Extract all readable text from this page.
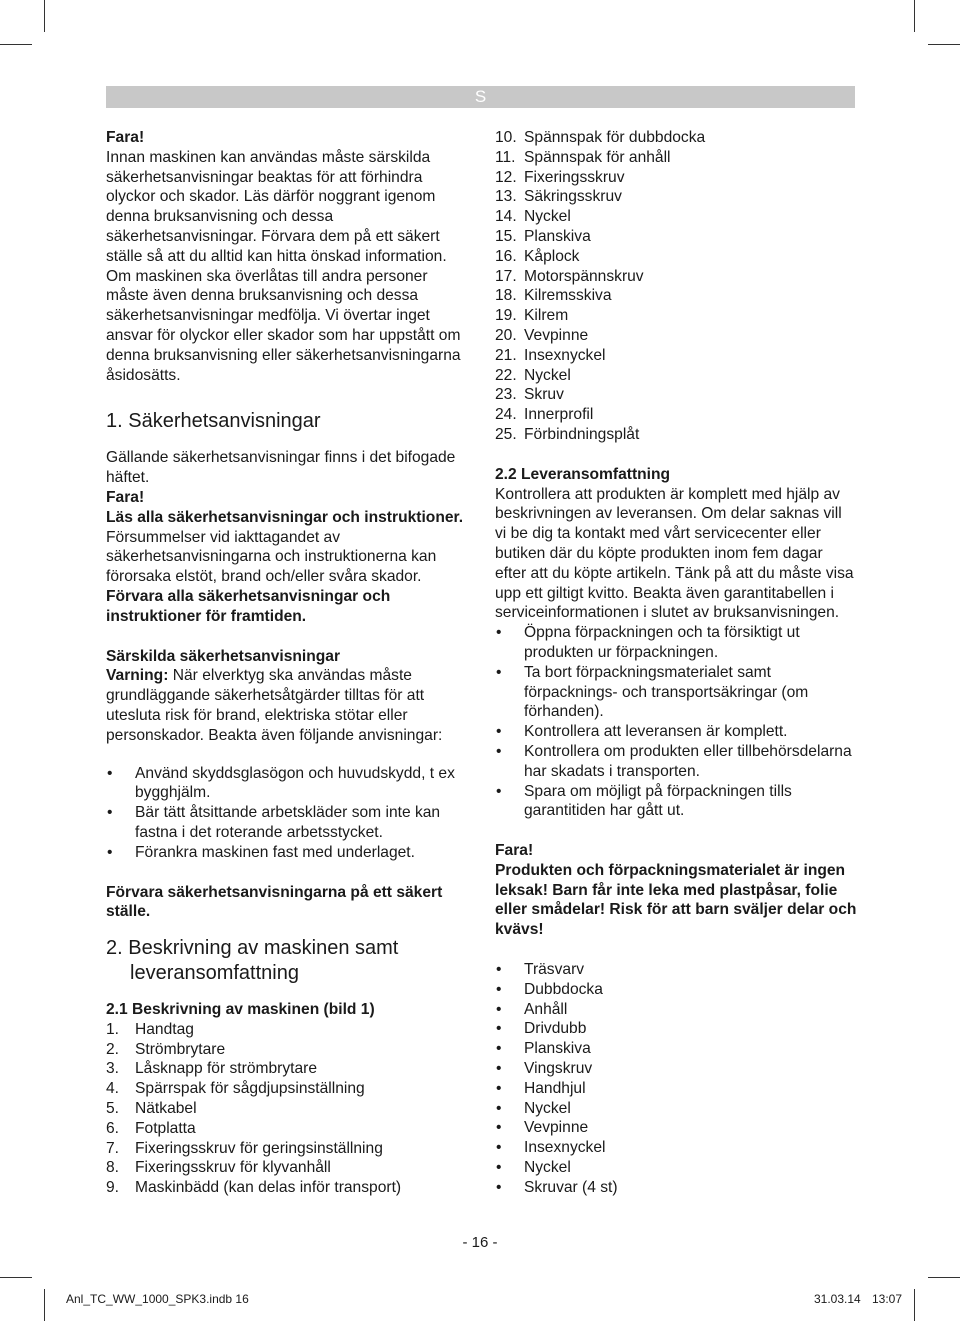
S

Fara!

Innan maskinen kan användas måste särskilda säkerhetsanvisningar beaktas för att förhindra olyckor och skador. Läs därför noggrant igenom denna bruksanvisning och dessa säkerhetsanvisningar. Förvara dem på ett säkert ställe så att du alltid kan hitta önskad information. Om maskinen ska överlåtas till andra personer måste även denna bruksanvisning och dessa säkerhetsanvisningar medfölja. Vi övertar inget ansvar för olyckor eller skador som har uppstått om denna bruksanvisning eller säkerhetsanvisningarna åsidosätts.

1. Säkerhetsanvisningar

Gällande säkerhetsanvisningar finns i det bifogade häftet.

Fara!

Läs alla säkerhetsanvisningar och instruktioner.

Försummelser vid iakttagandet av säkerhetsanvisningarna och instruktionerna kan förorsaka elstöt, brand och/eller svåra skador. Förvara alla säkerhetsanvisningar och instruktioner för framtiden.

Särskilda säkerhetsanvisningar

Varning: När elverktyg ska användas måste grundläggande säkerhetsåtgärder tilltas för att utesluta risk för brand, elektriska stötar eller personskador. Beakta även följande anvisningar:

• Använd skyddsglasögon och huvudskydd, t ex bygghjälm.
• Bär tätt åtsittande arbetskläder som inte kan fastna i det roterande arbetsstycket.
• Förankra maskinen fast med underlaget.

Förvara säkerhetsanvisningarna på ett säkert ställe.

2. Beskrivning av maskinen samt

leveransomfattning

2.1 Beskrivning av maskinen (bild 1)

1.	Handtag
2.	Strömbrytare
3.	Låsknapp för strömbrytare
4.	Spärrspak för sågdjupsinställning
5.	Nätkabel
6.	Fotplatta
7.	Fixeringsskruv för geringsinställning
8.	Fixeringsskruv för klyvanhåll
9.	Maskinbädd (kan delas inför transport)
10. Spännspak för dubbdocka
11. Spännspak för anhåll
12. Fixeringsskruv
13. Säkringsskruv
14. Nyckel
15. Planskiva
16. Kåplock
17. Motorspännskruv
18. Kilremsskiva
19. Kilrem
20. Vevpinne
21. Insexnyckel
22. Nyckel
23. Skruv
24. Innerprofil
25. Förbindningsplåt

2.2 Leveransomfattning

Kontrollera att produkten är komplett med hjälp av beskrivningen av leveransen. Om delar saknas vill vi be dig ta kontakt med vårt servicecenter eller butiken där du köpte produkten inom fem dagar efter att du köpte artikeln. Tänk på att du måste visa upp ett giltigt kvitto. Beakta även garantitabellen i serviceinformationen i slutet av bruksanvisningen.

• Öppna förpackningen och ta försiktigt ut produkten ur förpackningen.
• Ta bort förpackningsmaterialet samt förpacknings- och transportsäkringar (om förhanden).
• Kontrollera att leveransen är komplett.
• Kontrollera om produkten eller tillbehörsdelarna har skadats i transporten.
• Spara om möjligt på förpackningen tills garantitiden har gått ut.

Fara!

Produkten och förpackningsmaterialet är ingen leksak! Barn får inte leka med plastpåsar, folie eller smådelar! Risk för att barn sväljer delar och kvävs!

• Träsvarv
• Dubbdocka
• Anhåll
• Drivdubb
• Planskiva
• Vingskruv
• Handhjul
• Nyckel
• Vevpinne
• Insexnyckel
• Nyckel
• Skruvar (4 st)
- 16 -
Anl_TC_WW_1000_SPK3.indb 16	31.03.14 13:07
